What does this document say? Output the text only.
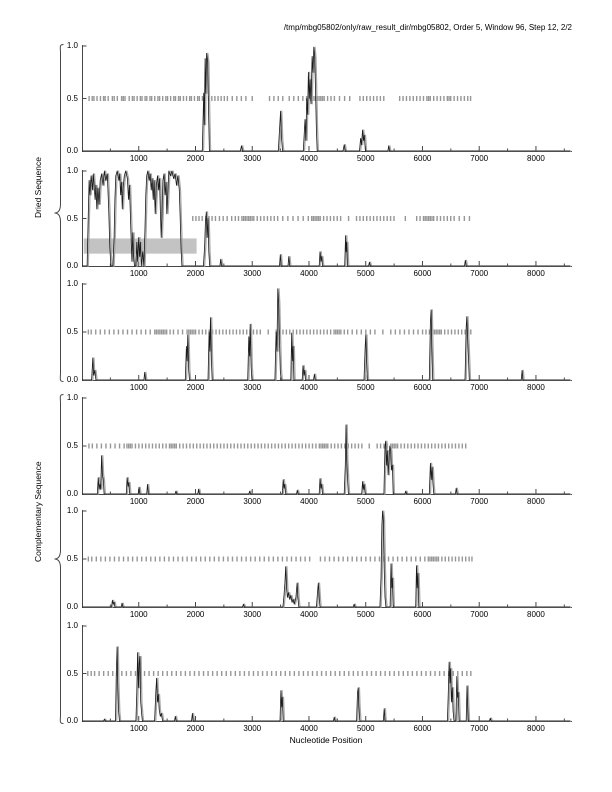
/tmp/mbg05802/only/raw_result_dir/mbg05802, Order 5, Window 96, Step 12, 2/2
Dried Sequence
Complementary Sequence
0.0
0.5
1.0
1000	2000	3000	4000	5000	6000	7000	8000
0.0
0.5
1.0
1000	2000	3000	4000	5000	6000	7000	8000
0.0
0.5
1.0
1000	2000	3000	4000	5000	6000	7000	8000
0.0
0.5
1.0
1000	2000	3000	4000	5000	6000	7000	8000
0.0
0.5
1.0
1000	2000	3000	4000	5000	6000	7000	8000
0.0
0.5
1.0
1000	2000	3000	4000	5000	6000	7000	8000
Nucleotide Position
